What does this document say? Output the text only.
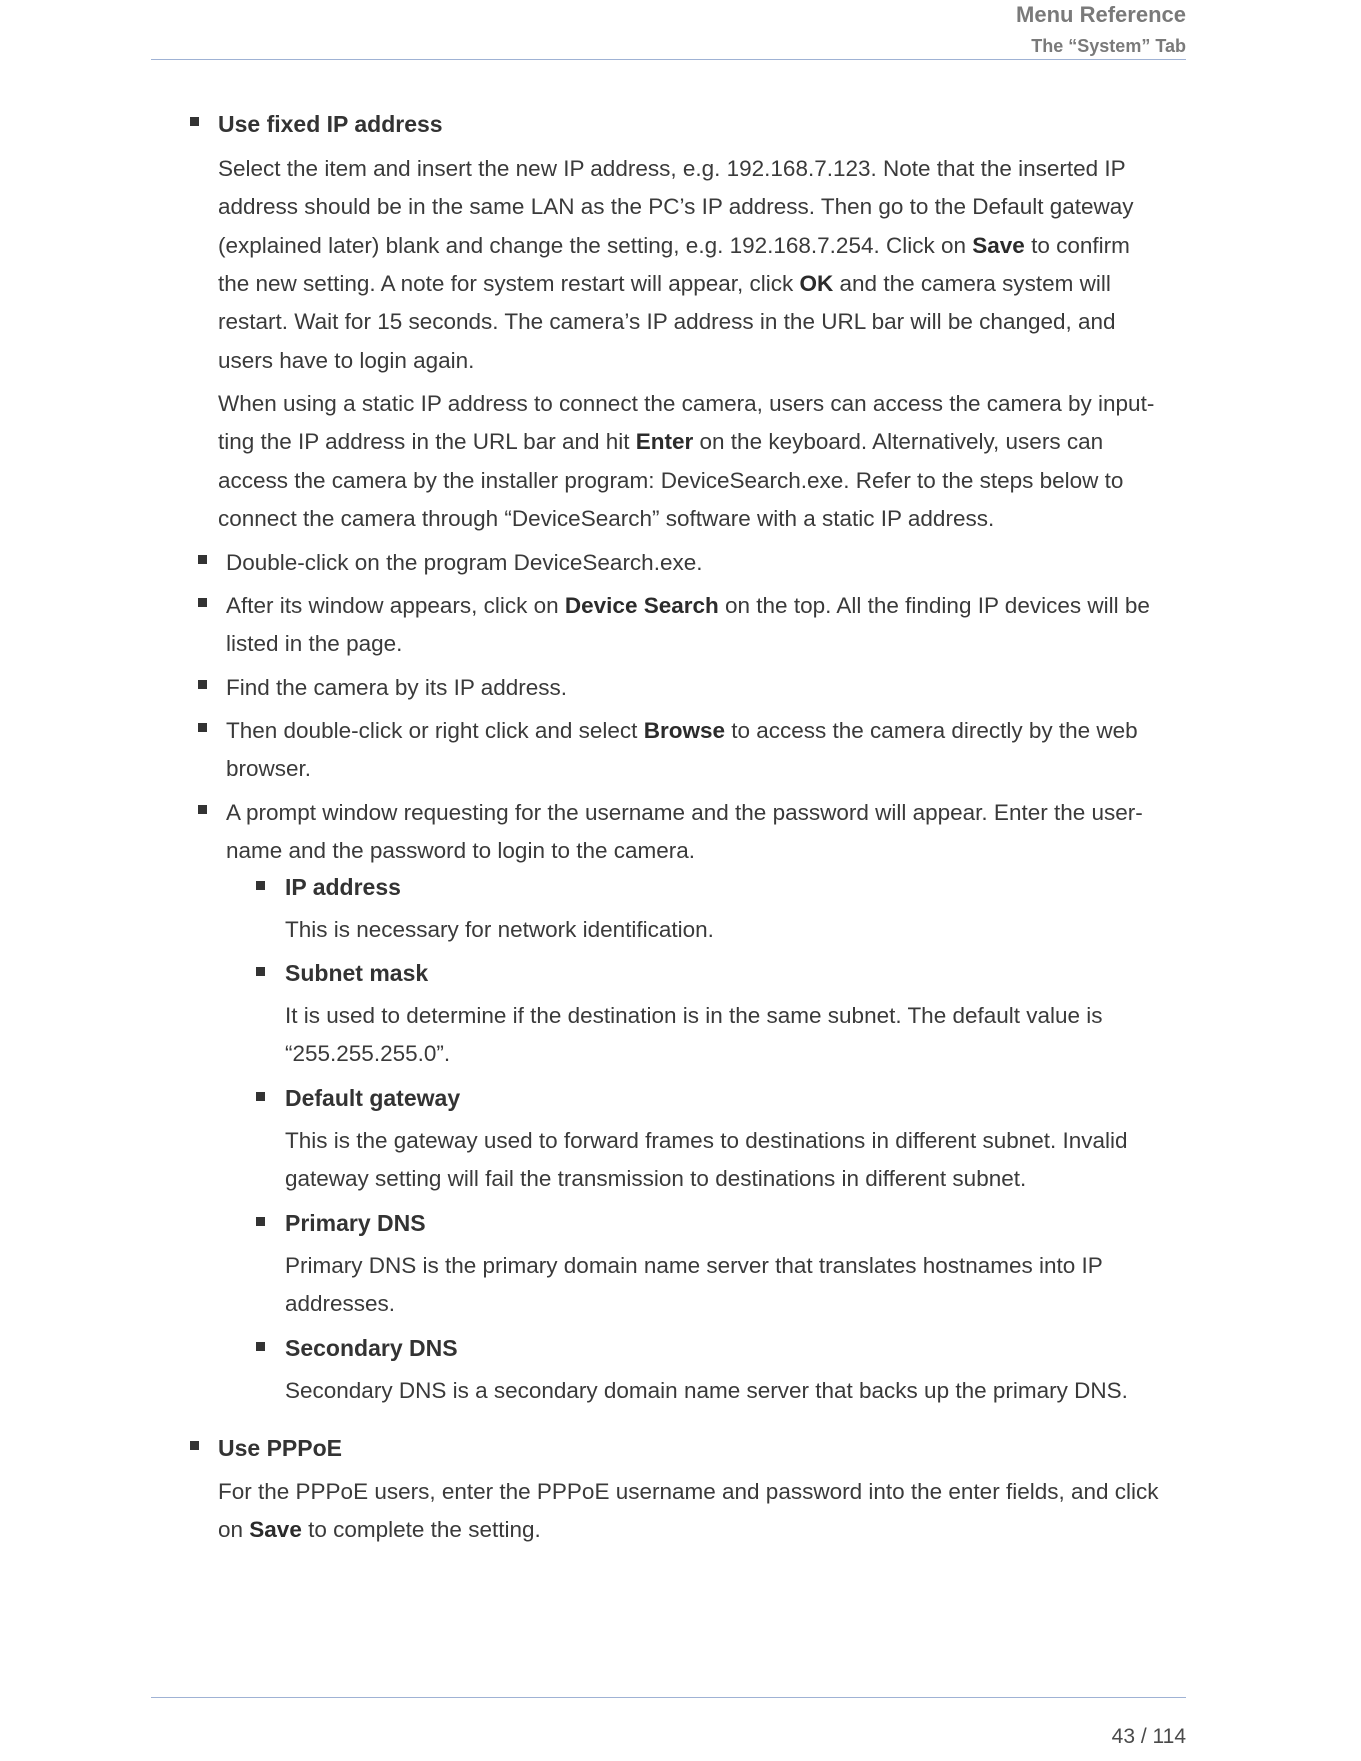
Menu Reference
The “System” Tab
Use fixed IP address
Select the item and insert the new IP address, e.g. 192.168.7.123. Note that the inserted IP
address should be in the same LAN as the PC’s IP address. Then go to the Default gateway
(explained later) blank and change the setting, e.g. 192.168.7.254. Click on Save to confirm
the new setting. A note for system restart will appear, click OK and the camera system will
restart. Wait for 15 seconds. The camera’s IP address in the URL bar will be changed, and
users have to login again.
When using a static IP address to connect the camera, users can access the camera by input-
ting the IP address in the URL bar and hit Enter on the keyboard. Alternatively, users can
access the camera by the installer program: DeviceSearch.exe. Refer to the steps below to
connect the camera through “DeviceSearch” software with a static IP address.
Double-click on the program DeviceSearch.exe.
After its window appears, click on Device Search on the top. All the finding IP devices will be
listed in the page.
Find the camera by its IP address.
Then double-click or right click and select Browse to access the camera directly by the web
browser.
A prompt window requesting for the username and the password will appear. Enter the user-
name and the password to login to the camera.
IP address
This is necessary for network identification.
Subnet mask
It is used to determine if the destination is in the same subnet. The default value is
“255.255.255.0”.
Default gateway
This is the gateway used to forward frames to destinations in different subnet. Invalid
gateway setting will fail the transmission to destinations in different subnet.
Primary DNS
Primary DNS is the primary domain name server that translates hostnames into IP
addresses.
Secondary DNS
Secondary DNS is a secondary domain name server that backs up the primary DNS.
Use PPPoE
For the PPPoE users, enter the PPPoE username and password into the enter fields, and click
on Save to complete the setting.
43 / 114
